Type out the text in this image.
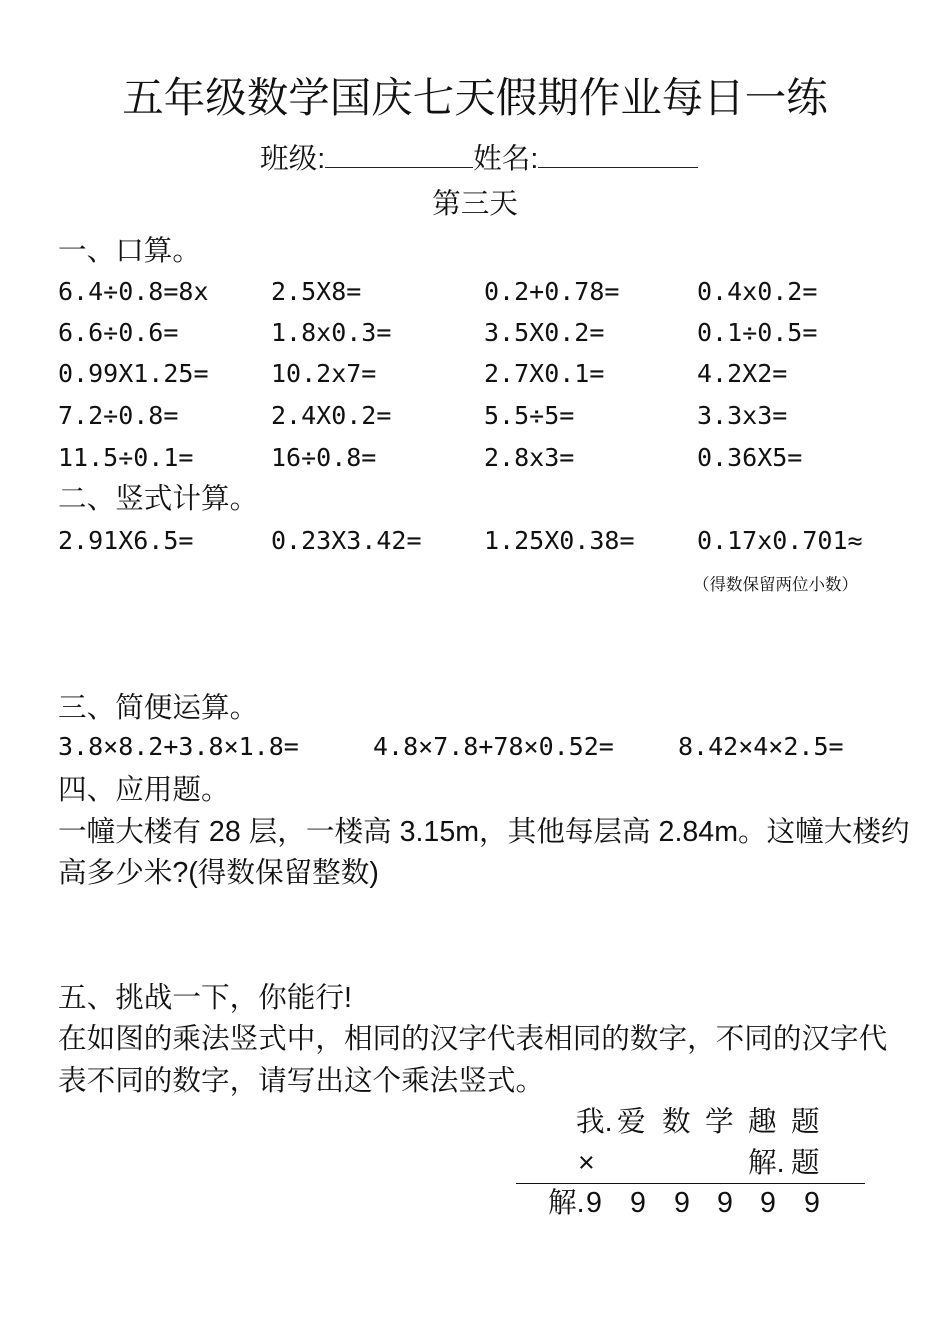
五年级数学国庆七天假期作业每日一练
班级:	姓名:
第三天
一、口算。
6.4÷0.8=8x	2.5X8=	0.2+0.78=	0.4x0.2=
6.6÷0.6=	1.8x0.3=	3.5X0.2=	0.1÷0.5=
0.99X1.25=	10.2x7=	2.7X0.1=	4.2X2=
7.2÷0.8=	2.4X0.2=	5.5÷5=	3.3x3=
11.5÷0.1=	16÷0.8=	2.8x3=	0.36X5=
二、竖式计算。
2.91X6.5=	0.23X3.42=	1.25X0.38=	0.17x0.701≈
（得数保留两位小数）
三、简便运算。
3.8×8.2+3.8×1.8=	4.8×7.8+78×0.52=	8.42×4×2.5=
四、应用题。
一幢大楼有 28 层，一楼高 3.15m，其他每层高 2.84m。这幢大楼约
高多少米?(得数保留整数)
五、挑战一下，你能行!
在如图的乘法竖式中，相同的汉字代表相同的数字，不同的汉字代
表不同的数字，请写出这个乘法竖式。
我. 爱 数 学 趣 题
×	解. 题
解. 9 9 9 9 9 9
